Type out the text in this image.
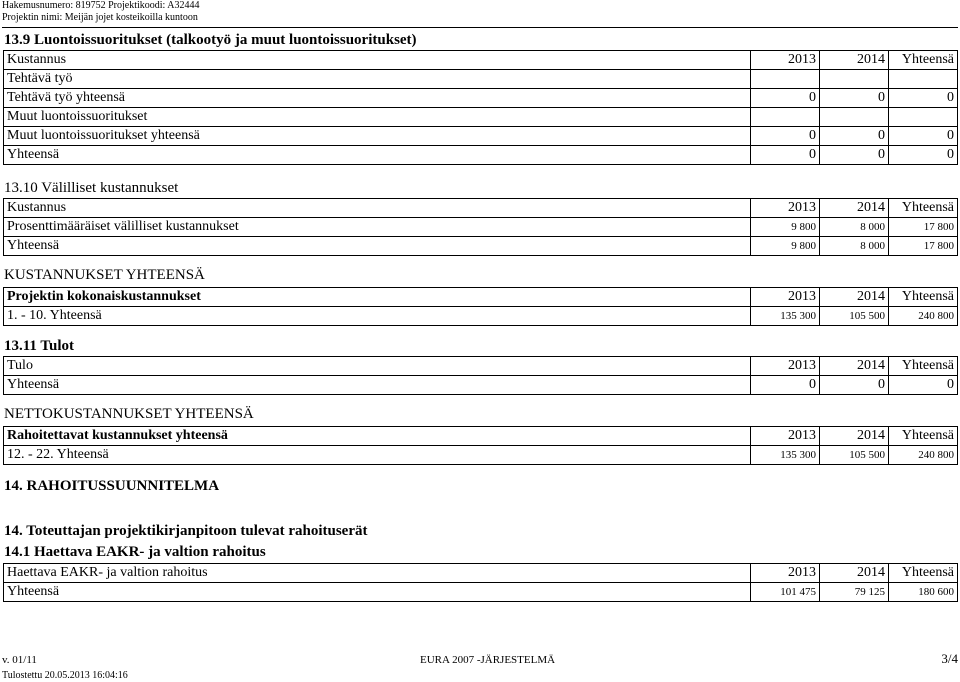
Hakemusnumero: 819752 Projektikoodi: A32444
Projektin nimi: Meijän jojet kosteikoilla kuntoon
13.9 Luontoissuoritukset (talkootyö ja muut luontoissuoritukset)
Kustannus	2013	2014	Yhteensä
Tehtävä työ			
Tehtävä työ yhteensä	0	0	0
Muut luontoissuoritukset			
Muut luontoissuoritukset yhteensä	0	0	0
Yhteensä	0	0	0
13.10 Välilliset kustannukset
Kustannus	2013	2014	Yhteensä
Prosenttimääräiset välilliset kustannukset	9 800	8 000	17 800
Yhteensä	9 800	8 000	17 800
KUSTANNUKSET YHTEENSÄ
Projektin kokonaiskustannukset	2013	2014	Yhteensä
1. - 10. Yhteensä	135 300	105 500	240 800
13.11 Tulot
Tulo	2013	2014	Yhteensä
Yhteensä	0	0	0
NETTOKUSTANNUKSET YHTEENSÄ
Rahoitettavat kustannukset yhteensä	2013	2014	Yhteensä
12. - 22. Yhteensä	135 300	105 500	240 800
14. RAHOITUSSUUNNITELMA
14. Toteuttajan projektikirjanpitoon tulevat rahoituserät
14.1 Haettava EAKR- ja valtion rahoitus
Haettava EAKR- ja valtion rahoitus	2013	2014	Yhteensä
Yhteensä	101 475	79 125	180 600
v. 01/11	EURA 2007 -JÄRJESTELMÄ	3/4
Tulostettu 20.05.2013 16:04:16
